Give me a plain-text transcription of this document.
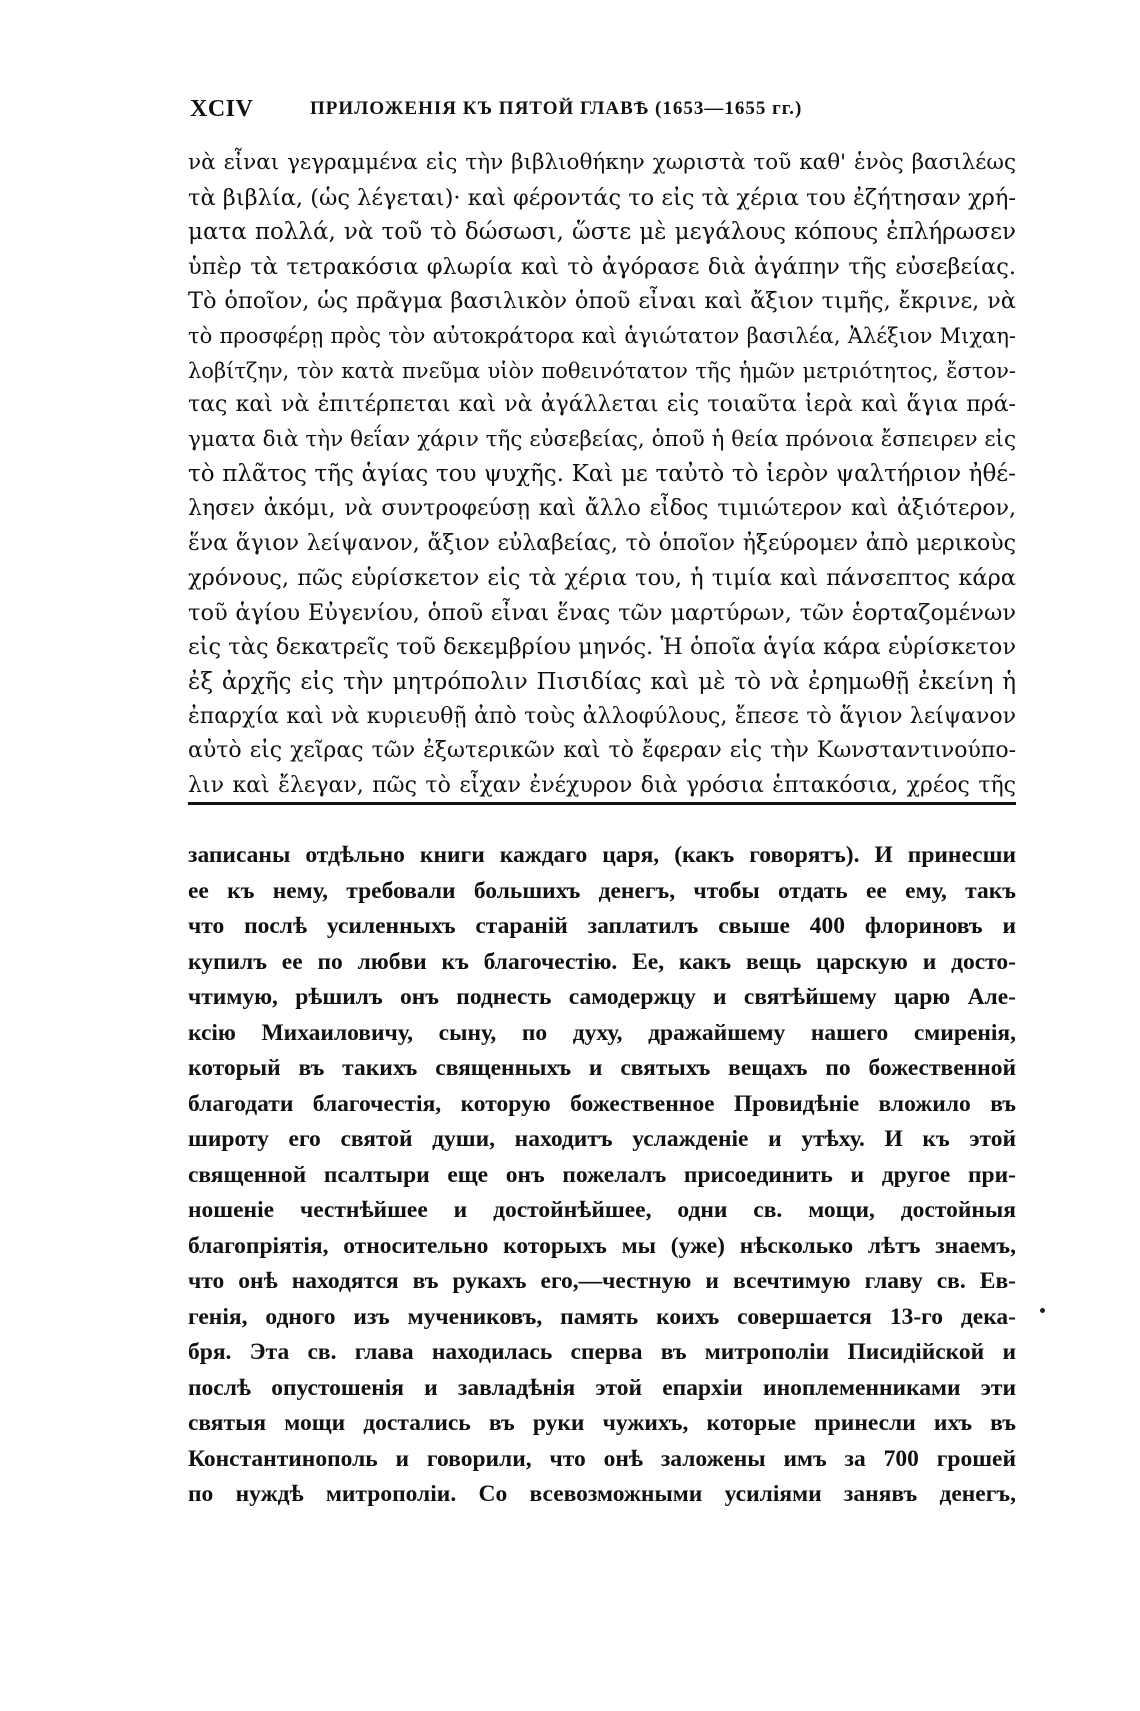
XCIV	ПРИЛОЖЕНІЯ КЪ ПЯТОЙ ГЛАВѢ (1653—1655 гг.)
νὰ εἶναι γεγραμμένα εἰς τὴν βιβλιοθήκην χωριστὰ τοῦ καθ' ἑνὸς βασιλέως
τὰ βιβλία, (ὡς λέγεται)· καὶ φέροντάς το εἰς τὰ χέρια του ἐζήτησαν χρή-
ματα πολλά, νὰ τοῦ τὸ δώσωσι, ὥστε μὲ μεγάλους κόπους ἐπλήρωσεν
ὑπὲρ τὰ τετρακόσια φλωρία καὶ τὸ ἀγόρασε διὰ ἀγάπην τῆς εὐσεβείας.
Τὸ ὁποῖον, ὡς πρᾶγμα βασιλικὸν ὁποῦ εἶναι καὶ ἄξιον τιμῆς, ἔκρινε, νὰ
τὸ προσφέρῃ πρὸς τὸν αὐτοκράτορα καὶ ἁγιώτατον βασιλέα, Ἀλέξιον Μιχαη-
λοβίτζην, τὸν κατὰ πνεῦμα υἱὸν ποθεινότατον τῆς ἡμῶν μετριότητος, ἔστον-
τας καὶ νὰ ἐπιτέρπεται καὶ νὰ ἀγάλλεται εἰς τοιαῦτα ἱερὰ καὶ ἅγια πρά-
γματα διὰ τὴν θεΐαν χάριν τῆς εὐσεβείας, ὁποῦ ἡ θεία πρόνοια ἔσπειρεν εἰς
τὸ πλᾶτος τῆς ἁγίας του ψυχῆς. Καὶ με ταὐτὸ τὸ ἱερὸν ψαλτήριον ἠθέ-
λησεν ἀκόμι, νὰ συντροφεύσῃ καὶ ἄλλο εἶδος τιμιώτερον καὶ ἀξιότερον,
ἕνα ἅγιον λείψανον, ἄξιον εὐλαβείας, τὸ ὁποῖον ἠξεύρομεν ἀπὸ μερικοὺς
χρόνους, πῶς εὑρίσκετον εἰς τὰ χέρια του, ἡ τιμία καὶ πάνσεπτος κάρα
τοῦ ἁγίου Εὐγενίου, ὁποῦ εἶναι ἕνας τῶν μαρτύρων, τῶν ἑορταζομένων
εἰς τὰς δεκατρεῖς τοῦ δεκεμβρίου μηνός. Ἡ ὁποῖα ἁγία κάρα εὑρίσκετον
ἐξ ἀρχῆς εἰς τὴν μητρόπολιν Πισιδίας καὶ μὲ τὸ νὰ ἐρημωθῇ ἐκείνη ἡ
ἐπαρχία καὶ νὰ κυριευθῇ ἀπὸ τοὺς ἀλλοφύλους, ἔπεσε τὸ ἅγιον λείψανον
αὐτὸ εἰς χεῖρας τῶν ἐξωτερικῶν καὶ τὸ ἔφεραν εἰς τὴν Κωνσταντινούπο-
λιν καὶ ἔλεγαν, πῶς τὸ εἶχαν ἐνέχυρον διὰ γρόσια ἑπτακόσια, χρέος τῆς
записаны отдѣльно книги каждаго царя, (какъ говорятъ). И принесши
ее къ нему, требовали большихъ денегъ, чтобы отдать ее ему, такъ
что послѣ усиленныхъ стараній заплатилъ свыше 400 флориновъ и
купилъ ее по любви къ благочестію. Ее, какъ вещь царскую и досто-
чтимую, рѣшилъ онъ поднесть самодержцу и святѣйшему царю Але-
ксію Михаиловичу, сыну, по духу, дражайшему нашего смиренія,
который въ такихъ священныхъ и святыхъ вещахъ по божественной
благодати благочестія, которую божественное Провидѣніе вложило въ
широту его святой души, находитъ услажденіе и утѣху. И къ этой
священной псалтыри еще онъ пожелалъ присоединить и другое при-
ношеніе честнѣйшее и достойнѣйшее, одни св. мощи, достойныя
благопріятія, относительно которыхъ мы (уже) нѣсколько лѣтъ знаемъ,
что онѣ находятся въ рукахъ его,—честную и всечтимую главу св. Ев-
генія, одного изъ мучениковъ, память коихъ совершается 13-го дека-
бря. Эта св. глава находилась сперва въ митрополіи Писидійской и
послѣ опустошенія и завладѣнія этой епархіи иноплеменниками эти
святыя мощи достались въ руки чужихъ, которые принесли ихъ въ
Константинополь и говорили, что онѣ заложены имъ за 700 грошей
по нуждѣ митрополіи. Со всевозможными усиліями занявъ денегъ,
